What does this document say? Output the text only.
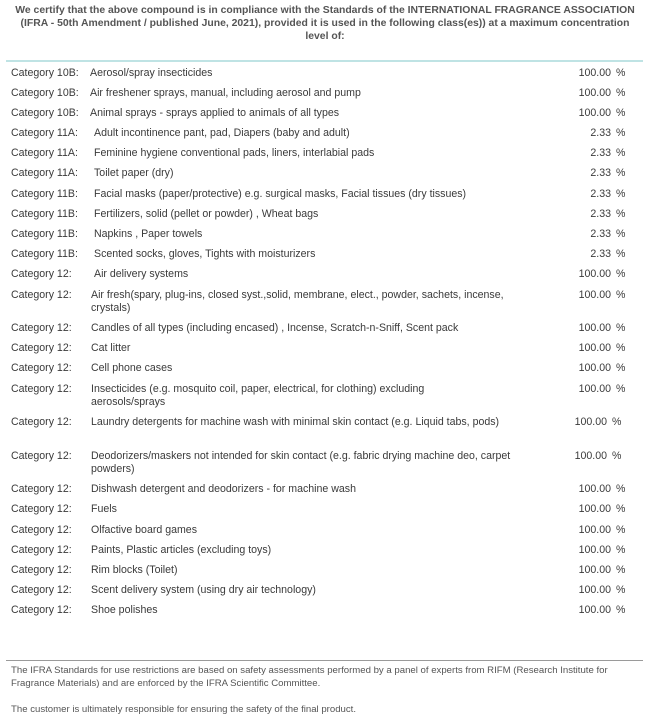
We certify that the above compound is in compliance with the Standards of the INTERNATIONAL FRAGRANCE ASSOCIATION (IFRA - 50th Amendment / published June, 2021), provided it is used in the following class(es)) at a maximum concentration level of:
Category 10B: Aerosol/spray insecticides	100.00 %
Category 10B: Air freshener sprays, manual, including aerosol and pump	100.00 %
Category 10B: Animal sprays - sprays applied to animals of all types	100.00 %
Category 11A: Adult incontinence pant, pad, Diapers (baby and adult)	2.33 %
Category 11A: Feminine hygiene conventional pads, liners, interlabial pads	2.33 %
Category 11A: Toilet paper (dry)	2.33 %
Category 11B: Facial masks (paper/protective) e.g. surgical masks, Facial tissues (dry tissues)	2.33 %
Category 11B: Fertilizers, solid (pellet or powder) , Wheat bags	2.33 %
Category 11B: Napkins , Paper towels	2.33 %
Category 11B: Scented socks, gloves, Tights with moisturizers	2.33 %
Category 12: Air delivery systems	100.00 %
Category 12: Air fresh(spary, plug-ins, closed syst.,solid, membrane, elect., powder, sachets, incense, crystals)
100.00 %
Category 12: Candles of all types (including encased) , Incense, Scratch-n-Sniff, Scent pack	100.00 %
Category 12: Cat litter	100.00 %
Category 12: Cell phone cases	100.00 %
Category 12: Insecticides (e.g. mosquito coil, paper, electrical, for clothing) excluding aerosols/sprays
100.00 %
Category 12: Laundry detergents for machine wash with minimal skin contact (e.g. Liquid tabs, pods)	100.00 %
Category 12: Deodorizers/maskers not intended for skin contact (e.g. fabric drying machine deo, carpet powders)
100.00 %
Category 12: Dishwash detergent and deodorizers - for machine wash	100.00 %
Category 12: Fuels	100.00 %
Category 12: Olfactive board games	100.00 %
Category 12: Paints, Plastic articles (excluding toys)	100.00 %
Category 12: Rim blocks (Toilet)	100.00 %
Category 12: Scent delivery system (using dry air technology)	100.00 %
Category 12: Shoe polishes	100.00 %
The IFRA Standards for use restrictions are based on safety assessments performed by a panel of experts from RIFM (Research Institute for Fragrance Materials) and are enforced by the IFRA Scientific Committee.
The customer is ultimately responsible for ensuring the safety of the final product.
